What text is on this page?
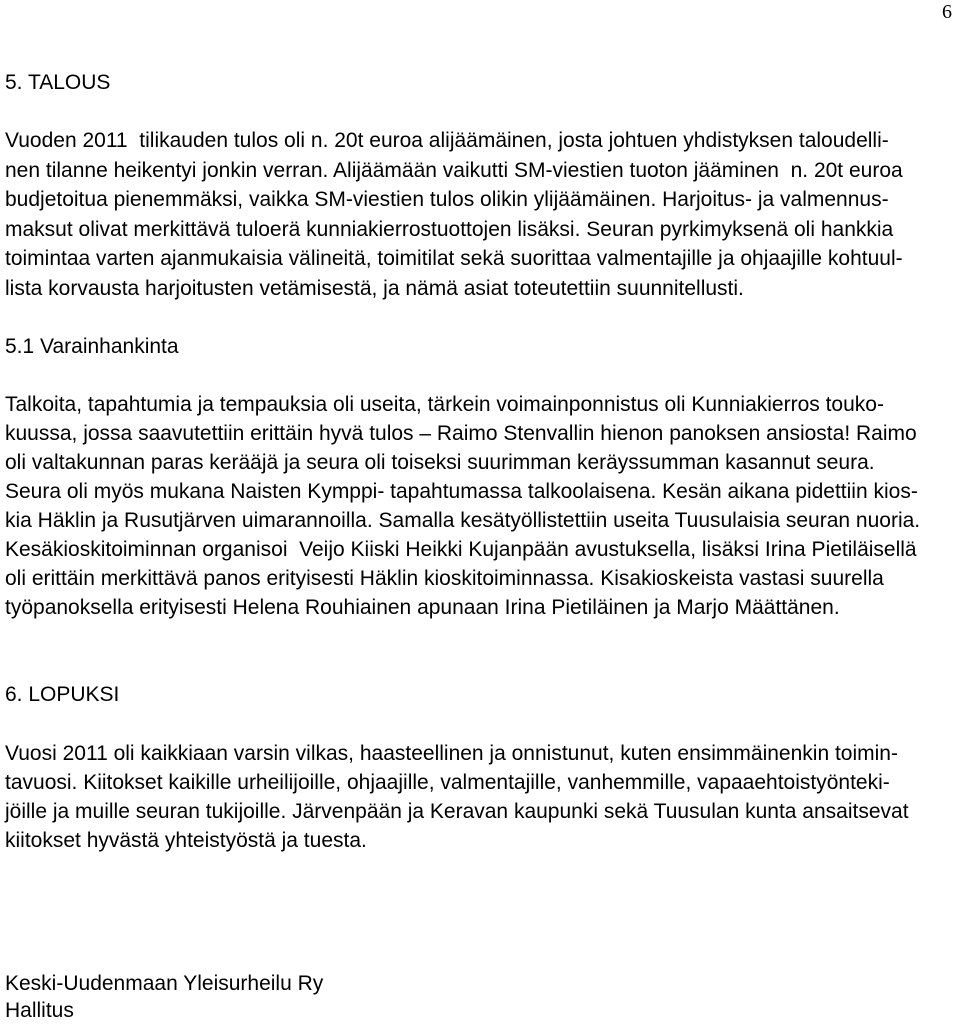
6
5. TALOUS
Vuoden 2011  tilikauden tulos oli n. 20t euroa alijäämäinen, josta johtuen yhdistyksen taloudelli-
nen tilanne heikentyi jonkin verran. Alijäämään vaikutti SM-viestien tuoton jääminen  n. 20t euroa
budjetoitua pienemmäksi, vaikka SM-viestien tulos olikin ylijäämäinen. Harjoitus- ja valmennus-
maksut olivat merkittävä tuloerä kunniakierrostuottojen lisäksi. Seuran pyrkimyksenä oli hankkia
toimintaa varten ajanmukaisia välineitä, toimitilat sekä suorittaa valmentajille ja ohjaajille kohtuul-
lista korvausta harjoitusten vetämisestä, ja nämä asiat toteutettiin suunnitellusti.
5.1 Varainhankinta
Talkoita, tapahtumia ja tempauksia oli useita, tärkein voimainponnistus oli Kunniakierros touko-
kuussa, jossa saavutettiin erittäin hyvä tulos – Raimo Stenvallin hienon panoksen ansiosta! Raimo
oli valtakunnan paras kerääjä ja seura oli toiseksi suurimman keräyssumman kasannut seura.
Seura oli myös mukana Naisten Kymppi- tapahtumassa talkoolaisena. Kesän aikana pidettiin kios-
kia Häklin ja Rusutjärven uimarannoilla. Samalla kesätyöllistettiin useita Tuusulaisia seuran nuoria.
Kesäkioskitoiminnan organisoi  Veijo Kiiski Heikki Kujanpään avustuksella, lisäksi Irina Pietiläisellä
oli erittäin merkittävä panos erityisesti Häklin kioskitoiminnassa. Kisakioskeista vastasi suurella
työpanoksella erityisesti Helena Rouhiainen apunaan Irina Pietiläinen ja Marjo Määttänen.
6. LOPUKSI
Vuosi 2011 oli kaikkiaan varsin vilkas, haasteellinen ja onnistunut, kuten ensimmäinenkin toimin-
tavuosi. Kiitokset kaikille urheilijoille, ohjaajille, valmentajille, vanhemmille, vapaaehtoistyönteki-
jöille ja muille seuran tukijoille. Järvenpään ja Keravan kaupunki sekä Tuusulan kunta ansaitsevat
kiitokset hyvästä yhteistyöstä ja tuesta.
Keski-Uudenmaan Yleisurheilu Ry
Hallitus
